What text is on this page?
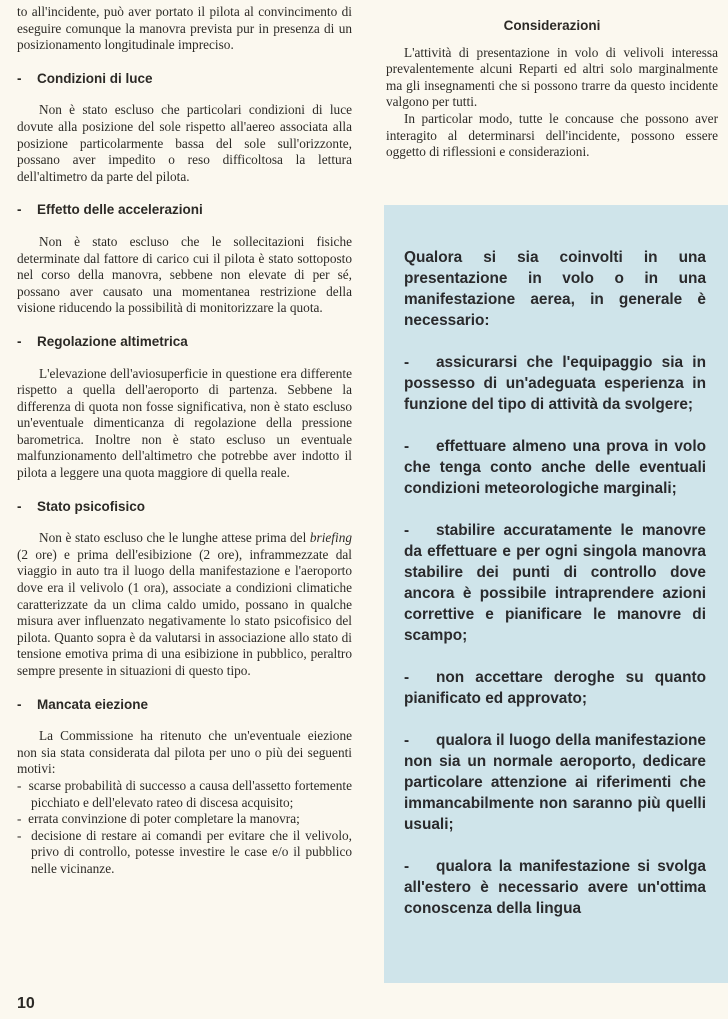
to all'incidente, può aver portato il pilota al convincimento di eseguire comunque la manovra prevista pur in presenza di un posizionamento longitudinale impreciso.

- Condizioni di luce

Non è stato escluso che particolari condizioni di luce dovute alla posizione del sole rispetto all'aereo associata alla posizione particolarmente bassa del sole sull'orizzonte, possano aver impedito o reso difficoltosa la lettura dell'altimetro da parte del pilota.

- Effetto delle accelerazioni

Non è stato escluso che le sollecitazioni fisiche determinate dal fattore di carico cui il pilota è stato sottoposto nel corso della manovra, sebbene non elevate di per sé, possano aver causato una momentanea restrizione della visione riducendo la possibilità di monitorizzare la quota.

- Regolazione altimetrica

L'elevazione dell'aviosuperficie in questione era differente rispetto a quella dell'aeroporto di partenza. Sebbene la differenza di quota non fosse significativa, non è stato escluso un'eventuale dimenticanza di regolazione della pressione barometrica. Inoltre non è stato escluso un eventuale malfunzionamento dell'altimetro che potrebbe aver indotto il pilota a leggere una quota maggiore di quella reale.

- Stato psicofisico

Non è stato escluso che le lunghe attese prima del briefing (2 ore) e prima dell'esibizione (2 ore), inframmezzate dal viaggio in auto tra il luogo della manifestazione e l'aeroporto dove era il velivolo (1 ora), associate a condizioni climatiche caratterizzate da un clima caldo umido, possano in qualche misura aver influenzato negativamente lo stato psicofisico del pilota. Quanto sopra è da valutarsi in associazione allo stato di tensione emotiva prima di una esibizione in pubblico, peraltro sempre presente in situazioni di questo tipo.

- Mancata eiezione

La Commissione ha ritenuto che un'eventuale eiezione non sia stata considerata dal pilota per uno o più dei seguenti motivi:

- scarse probabilità di successo a causa dell'assetto fortemente picchiato e dell'elevato rateo di discesa acquisito;

- errata convinzione di poter completare la manovra;

- decisione di restare ai comandi per evitare che il velivolo, privo di controllo, potesse investire le case e/o il pubblico nelle vicinanze.

Considerazioni

L'attività di presentazione in volo di velivoli interessa prevalentemente alcuni Reparti ed altri solo marginalmente ma gli insegnamenti che si possono trarre da questo incidente valgono per tutti.

In particolar modo, tutte le concause che possono aver interagito al determinarsi dell'incidente, possono essere oggetto di riflessioni e considerazioni.

Qualora si sia coinvolti in una presentazione in volo o in una manifestazione aerea, in generale è necessario:

- assicurarsi che l'equipaggio sia in possesso di un'adeguata esperienza in funzione del tipo di attività da svolgere;

- effettuare almeno una prova in volo che tenga conto anche delle eventuali condizioni meteorologiche marginali;

- stabilire accuratamente le manovre da effettuare e per ogni singola manovra stabilire dei punti di controllo dove ancora è possibile intraprendere azioni correttive e pianificare le manovre di scampo;

- non accettare deroghe su quanto pianificato ed approvato;

- qualora il luogo della manifestazione non sia un normale aeroporto, dedicare particolare attenzione ai riferimenti che immancabilmente non saranno più quelli usuali;

- qualora la manifestazione si svolga all'estero è necessario avere un'ottima conoscenza della lingua

10
